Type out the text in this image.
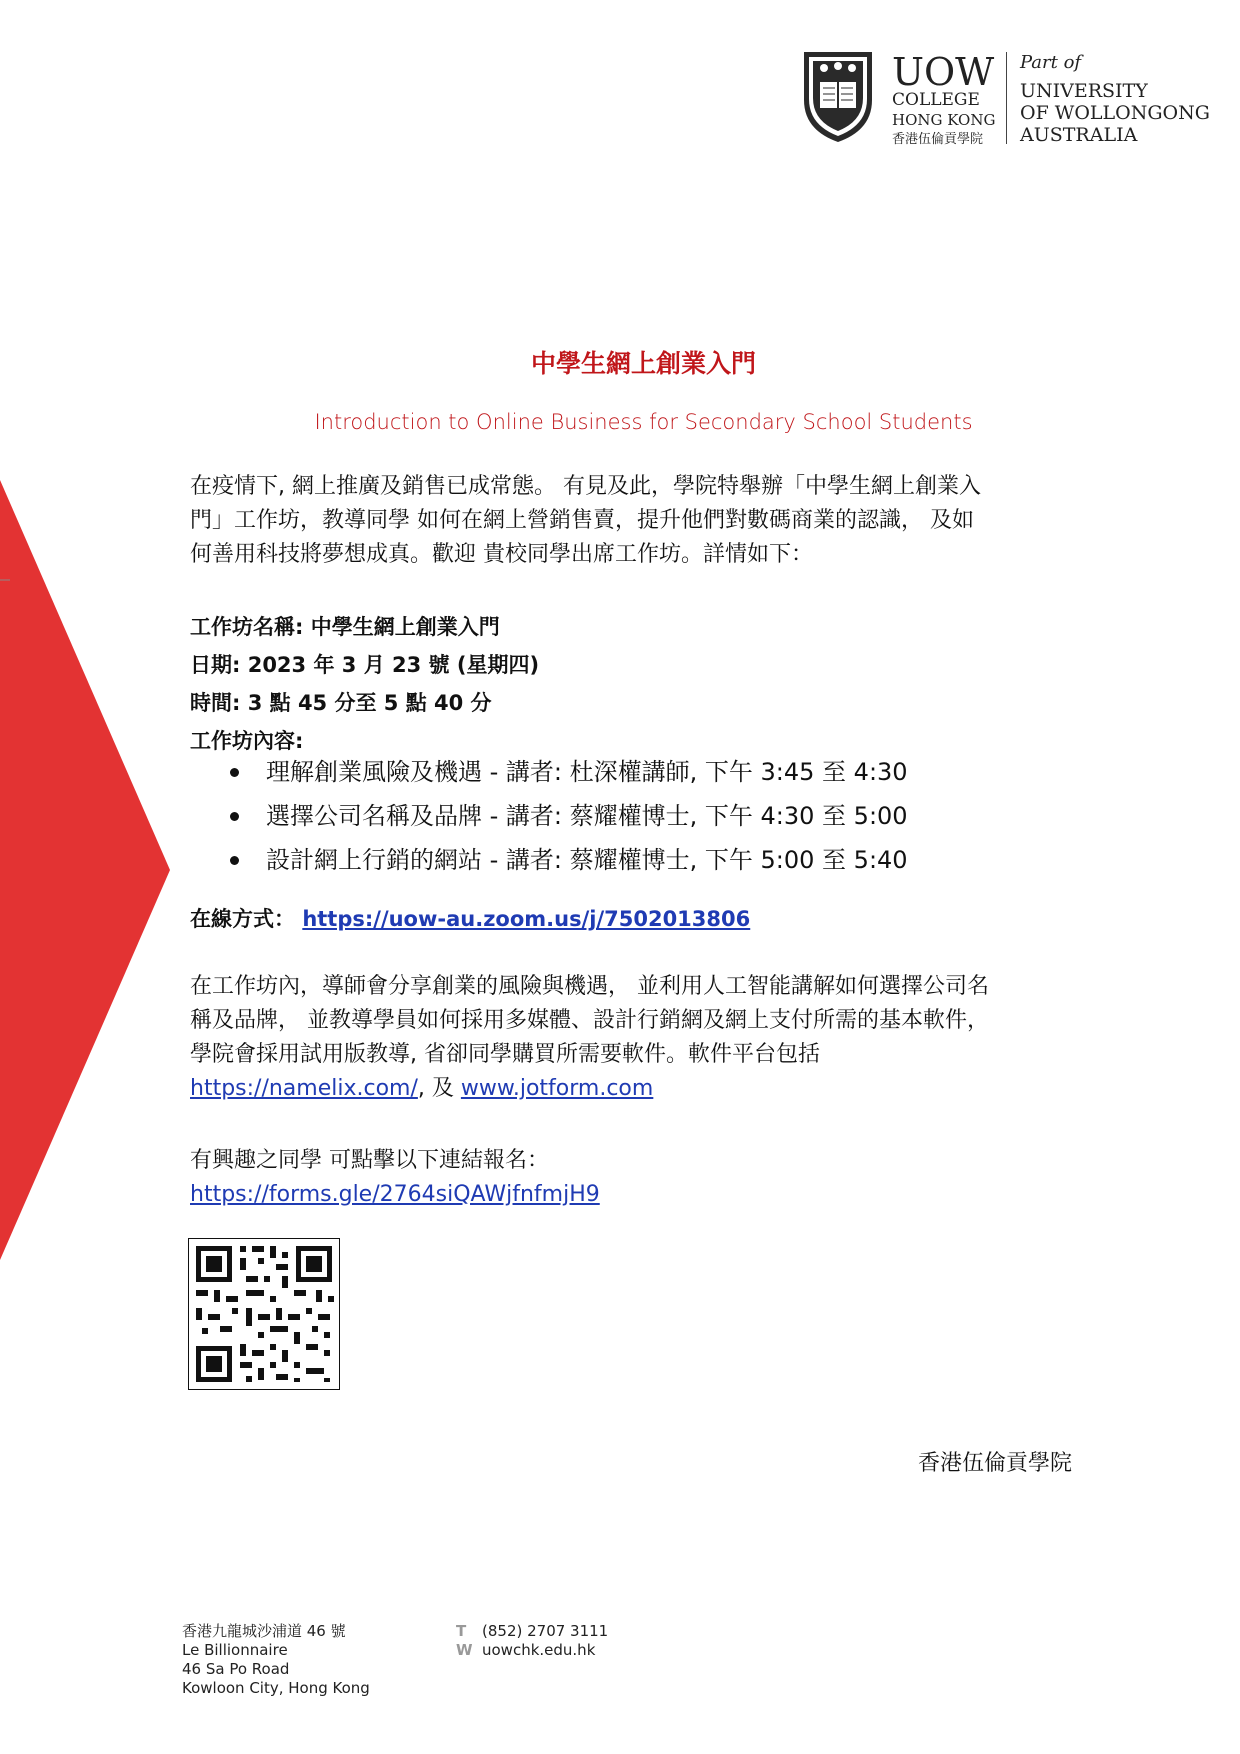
UOW
COLLEGE
HONG KONG
香港伍倫貢學院
Part of
UNIVERSITY
OF WOLLONGONG
AUSTRALIA
中學生網上創業入門
Introduction to Online Business for Secondary School Students
在疫情下, 網上推廣及銷售已成常態。 有見及此，學院特舉辦「中學生網上創業入
門」工作坊，教導同學 如何在網上營銷售賣，提升他們對數碼商業的認識， 及如
何善用科技將夢想成真。歡迎 貴校同學出席工作坊。詳情如下：
工作坊名稱: 中學生網上創業入門
日期: 2023 年 3 月 23 號 (星期四)
時間: 3 點 45 分至 5 點 40 分
工作坊內容:
理解創業風險及機遇 - 講者: 杜深權講師, 下午 3:45 至 4:30
選擇公司名稱及品牌 - 講者: 蔡耀權博士, 下午 4:30 至 5:00
設計網上行銷的網站 - 講者: 蔡耀權博士, 下午 5:00 至 5:40
在線方式： https://uow-au.zoom.us/j/7502013806
在工作坊內，導師會分享創業的風險與機遇， 並利用人工智能講解如何選擇公司名
稱及品牌， 並教導學員如何採用多媒體、設計行銷網及網上支付所需的基本軟件，
學院會採用試用版教導, 省卻同學購買所需要軟件。軟件平台包括
https://namelix.com/, 及 www.jotform.com
有興趣之同學 可點擊以下連結報名：
https://forms.gle/2764siQAWjfnfmjH9
香港伍倫貢學院
香港九龍城沙浦道 46 號
Le Billionnaire
46 Sa Po Road
Kowloon City, Hong Kong
T (852) 2707 3111
W uowchk.edu.hk
